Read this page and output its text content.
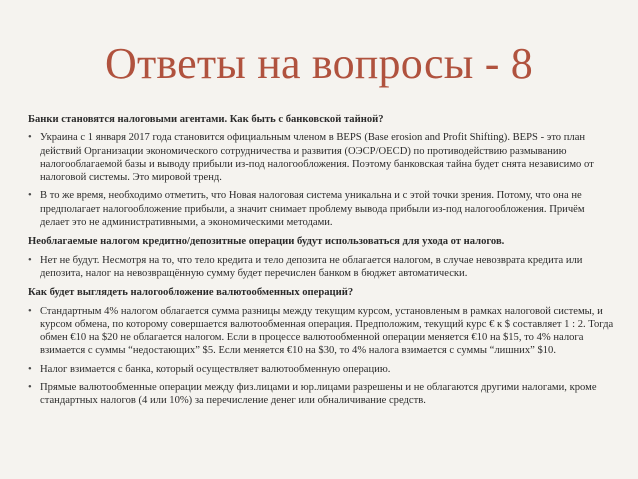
Ответы на вопросы - 8
Банки становятся налоговыми агентами. Как быть с банковской тайной?
• Украина с 1 января 2017 года становится официальным членом в BEPS (Base erosion and Profit Shifting). BEPS - это план действий Организации экономического сотрудничества и развития (ОЭСР/OECD) по противодействию размыванию налогооблагаемой базы и выводу прибыли из-под налогообложения. Поэтому банковская тайна будет снята независимо от налоговой системы. Это мировой тренд.
• В то же время, необходимо отметить, что Новая налоговая система уникальна и с этой точки зрения. Потому, что она не предполагает налогообложение прибыли, а значит снимает проблему вывода прибыли из-под налогообложения. Причём делает это не административными, а экономическими методами.
Необлагаемые налогом кредитно/депозитные операции будут использоваться для ухода от налогов.
• Нет не будут. Несмотря на то, что тело кредита и тело депозита не облагается налогом, в случае невозврата кредита или депозита, налог на невозвращённую сумму будет перечислен банком в бюджет автоматически.
Как будет выглядеть налогообложение валютообменных операций?
• Стандартным 4% налогом облагается сумма разницы между текущим курсом, установленым в рамках налоговой системы, и курсом обмена, по которому совершается валютообменная операция. Предположим, текущий курс € к $ составляет 1 : 2. Тогда обмен €10 на $20 не облагается налогом. Если в процессе валютообменной операции меняется €10 на $15, то 4% налога взимается с суммы “недостающих” $5. Если меняется €10 на $30, то 4% налога взимается с суммы “лишних” $10.
• Налог взимается с банка, который осуществляет валютообменную операцию.
• Прямые валютообменные операции между физ.лицами и юр.лицами разрешены и не облагаются другими налогами, кроме стандартных налогов (4 или 10%) за перечисление денег или обналичивание средств.
